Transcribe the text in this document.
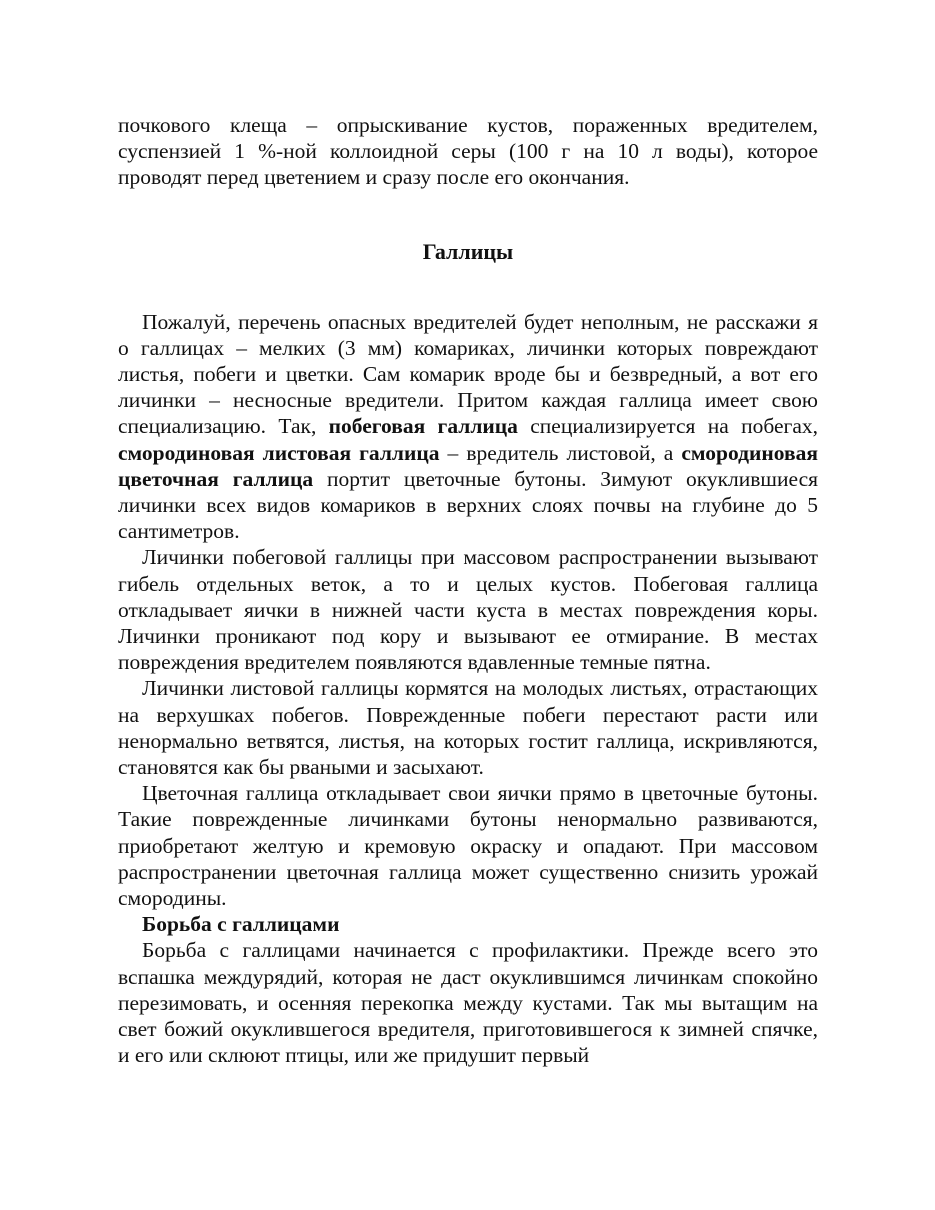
почкового клеща – опрыскивание кустов, пораженных вредителем, суспензией 1 %-ной коллоидной серы (100 г на 10 л воды), которое проводят перед цветением и сразу после его окончания.

Галлицы

Пожалуй, перечень опасных вредителей будет неполным, не расскажи я о галлицах – мелких (3 мм) комариках, личинки которых повреждают листья, побеги и цветки. Сам комарик вроде бы и безвредный, а вот его личинки – несносные вредители. Притом каждая галлица имеет свою специализацию. Так, побеговая галлица специализируется на побегах, смородиновая листовая галлица – вредитель листовой, а смородиновая цветочная галлица портит цветочные бутоны. Зимуют окуклившиеся личинки всех видов комариков в верхних слоях почвы на глубине до 5 сантиметров.

Личинки побеговой галлицы при массовом распространении вызывают гибель отдельных веток, а то и целых кустов. Побеговая галлица откладывает яички в нижней части куста в местах повреждения коры. Личинки проникают под кору и вызывают ее отмирание. В местах повреждения вредителем появляются вдавленные темные пятна.

Личинки листовой галлицы кормятся на молодых листьях, отрастающих на верхушках побегов. Поврежденные побеги перестают расти или ненормально ветвятся, листья, на которых гостит галлица, искривляются, становятся как бы рваными и засыхают.

Цветочная галлица откладывает свои яички прямо в цветочные бутоны. Такие поврежденные личинками бутоны ненормально развиваются, приобретают желтую и кремовую окраску и опадают. При массовом распространении цветочная галлица может существенно снизить урожай смородины.

Борьба с галлицами

Борьба с галлицами начинается с профилактики. Прежде всего это вспашка междурядий, которая не даст окуклившимся личинкам спокойно перезимовать, и осенняя перекопка между кустами. Так мы вытащим на свет божий окуклившегося вредителя, приготовившегося к зимней спячке, и его или склюют птицы, или же придушит первый
